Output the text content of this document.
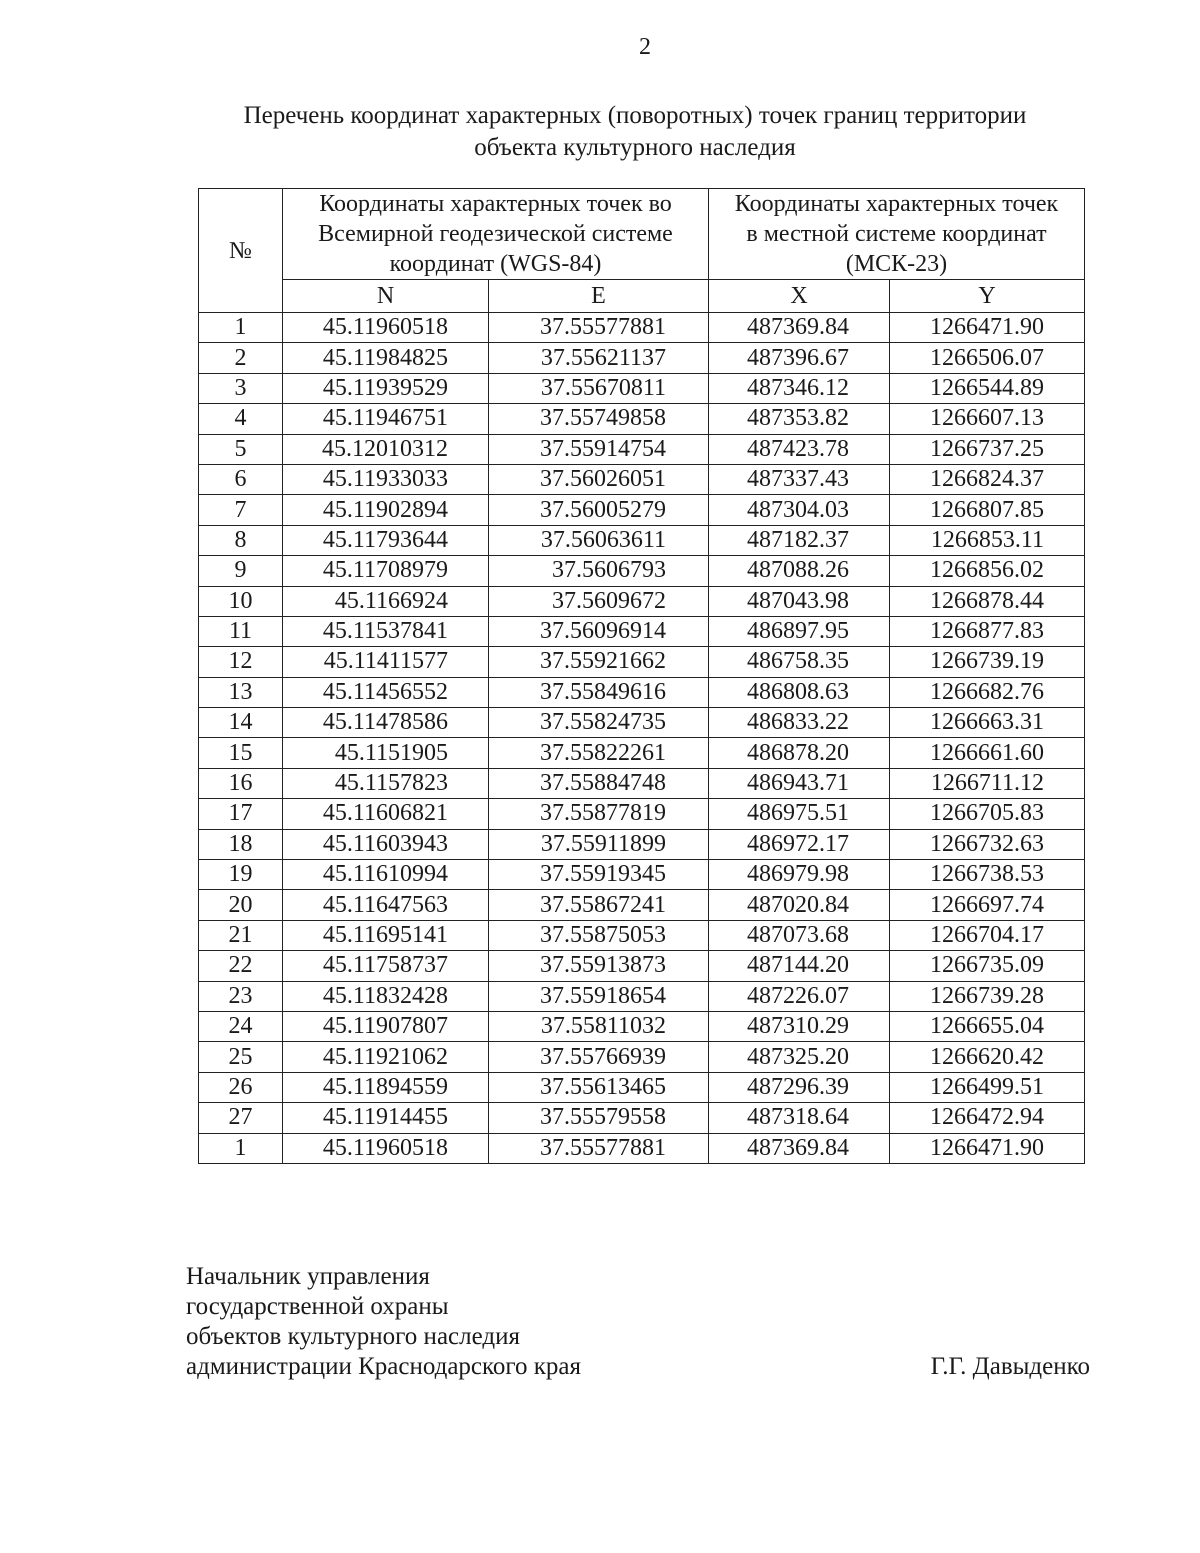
2
Перечень координат характерных (поворотных) точек границ территории
объекта культурного наследия
№	Координаты характерных точек во Всемирной геодезической системе координат (WGS-84)		Координаты характерных точек в местной системе координат (МСК-23)	
	N	E	X	Y
1	45.11960518	37.55577881	487369.84	1266471.90
2	45.11984825	37.55621137	487396.67	1266506.07
3	45.11939529	37.55670811	487346.12	1266544.89
4	45.11946751	37.55749858	487353.82	1266607.13
5	45.12010312	37.55914754	487423.78	1266737.25
6	45.11933033	37.56026051	487337.43	1266824.37
7	45.11902894	37.56005279	487304.03	1266807.85
8	45.11793644	37.56063611	487182.37	1266853.11
9	45.11708979	37.5606793	487088.26	1266856.02
10	45.1166924	37.5609672	487043.98	1266878.44
11	45.11537841	37.56096914	486897.95	1266877.83
12	45.11411577	37.55921662	486758.35	1266739.19
13	45.11456552	37.55849616	486808.63	1266682.76
14	45.11478586	37.55824735	486833.22	1266663.31
15	45.1151905	37.55822261	486878.20	1266661.60
16	45.1157823	37.55884748	486943.71	1266711.12
17	45.11606821	37.55877819	486975.51	1266705.83
18	45.11603943	37.55911899	486972.17	1266732.63
19	45.11610994	37.55919345	486979.98	1266738.53
20	45.11647563	37.55867241	487020.84	1266697.74
21	45.11695141	37.55875053	487073.68	1266704.17
22	45.11758737	37.55913873	487144.20	1266735.09
23	45.11832428	37.55918654	487226.07	1266739.28
24	45.11907807	37.55811032	487310.29	1266655.04
25	45.11921062	37.55766939	487325.20	1266620.42
26	45.11894559	37.55613465	487296.39	1266499.51
27	45.11914455	37.55579558	487318.64	1266472.94
1	45.11960518	37.55577881	487369.84	1266471.90
Начальник управления
государственной охраны
объектов культурного наследия
администрации Краснодарского края	Г.Г. Давыденко
